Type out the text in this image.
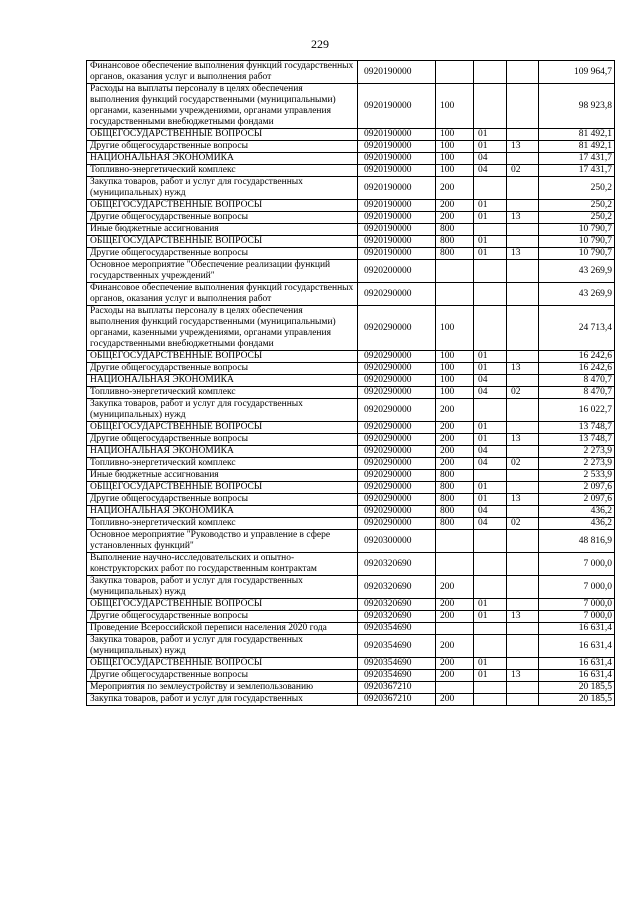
229
Финансовое обеспечение выполнения функций государственных органов, оказания услуг и выполнения работ	0920190000				109 964,7
Расходы на выплаты персоналу в целях обеспечения выполнения функций государственными (муниципальными) органами, казенными учреждениями, органами управления государственными внебюджетными фондами	0920190000	100			98 923,8
ОБЩЕГОСУДАРСТВЕННЫЕ ВОПРОСЫ	0920190000	100	01		81 492,1
Другие общегосударственные вопросы	0920190000	100	01	13	81 492,1
НАЦИОНАЛЬНАЯ ЭКОНОМИКА	0920190000	100	04		17 431,7
Топливно-энергетический комплекс	0920190000	100	04	02	17 431,7
Закупка товаров, работ и услуг для государственных (муниципальных) нужд	0920190000	200			250,2
ОБЩЕГОСУДАРСТВЕННЫЕ ВОПРОСЫ	0920190000	200	01		250,2
Другие общегосударственные вопросы	0920190000	200	01	13	250,2
Иные бюджетные ассигнования	0920190000	800			10 790,7
ОБЩЕГОСУДАРСТВЕННЫЕ ВОПРОСЫ	0920190000	800	01		10 790,7
Другие общегосударственные вопросы	0920190000	800	01	13	10 790,7
Основное мероприятие "Обеспечение реализации функций государственных учреждений"	0920200000				43 269,9
Финансовое обеспечение выполнения функций государственных органов, оказания услуг и выполнения работ	0920290000				43 269,9
Расходы на выплаты персоналу в целях обеспечения выполнения функций государственными (муниципальными) органами, казенными учреждениями, органами управления государственными внебюджетными фондами	0920290000	100			24 713,4
ОБЩЕГОСУДАРСТВЕННЫЕ ВОПРОСЫ	0920290000	100	01		16 242,6
Другие общегосударственные вопросы	0920290000	100	01	13	16 242,6
НАЦИОНАЛЬНАЯ ЭКОНОМИКА	0920290000	100	04		8 470,7
Топливно-энергетический комплекс	0920290000	100	04	02	8 470,7
Закупка товаров, работ и услуг для государственных (муниципальных) нужд	0920290000	200			16 022,7
ОБЩЕГОСУДАРСТВЕННЫЕ ВОПРОСЫ	0920290000	200	01		13 748,7
Другие общегосударственные вопросы	0920290000	200	01	13	13 748,7
НАЦИОНАЛЬНАЯ ЭКОНОМИКА	0920290000	200	04		2 273,9
Топливно-энергетический комплекс	0920290000	200	04	02	2 273,9
Иные бюджетные ассигнования	0920290000	800			2 533,9
ОБЩЕГОСУДАРСТВЕННЫЕ ВОПРОСЫ	0920290000	800	01		2 097,6
Другие общегосударственные вопросы	0920290000	800	01	13	2 097,6
НАЦИОНАЛЬНАЯ ЭКОНОМИКА	0920290000	800	04		436,2
Топливно-энергетический комплекс	0920290000	800	04	02	436,2
Основное мероприятие "Руководство и управление в сфере установленных функций"	0920300000				48 816,9
Выполнение научно-исследовательских и опытно-конструкторских работ по государственным контрактам	0920320690				7 000,0
Закупка товаров, работ и услуг для государственных (муниципальных) нужд	0920320690	200			7 000,0
ОБЩЕГОСУДАРСТВЕННЫЕ ВОПРОСЫ	0920320690	200	01		7 000,0
Другие общегосударственные вопросы	0920320690	200	01	13	7 000,0
Проведение Всероссийской переписи населения 2020 года	0920354690				16 631,4
Закупка товаров, работ и услуг для государственных (муниципальных) нужд	0920354690	200			16 631,4
ОБЩЕГОСУДАРСТВЕННЫЕ ВОПРОСЫ	0920354690	200	01		16 631,4
Другие общегосударственные вопросы	0920354690	200	01	13	16 631,4
Мероприятия по землеустройству и землепользованию	0920367210				20 185,5
Закупка товаров, работ и услуг для государственных	0920367210	200			20 185,5
